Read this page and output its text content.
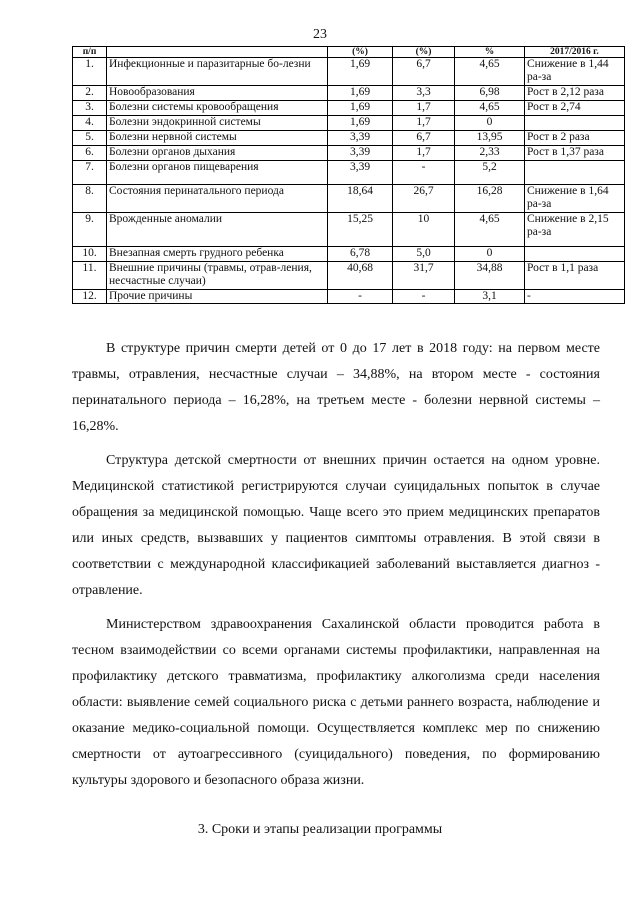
23
п/п		(%)	(%)	%	2017/2016 г.
1.	Инфекционные и паразитарные бо-лезни	1,69	6,7	4,65	Снижение в 1,44 ра-за
2.	Новообразования	1,69	3,3	6,98	Рост в 2,12 раза
3.	Болезни системы кровообращения	1,69	1,7	4,65	Рост в 2,74
4.	Болезни эндокринной системы	1,69	1,7	0	
5.	Болезни нервной системы	3,39	6,7	13,95	Рост в 2 раза
6.	Болезни органов дыхания	3,39	1,7	2,33	Рост в 1,37 раза
7.	Болезни органов пищеварения	3,39	-	5,2	
8.	Состояния перинатального периода	18,64	26,7	16,28	Снижение в 1,64 ра-за
9.	Врожденные аномалии	15,25	10	4,65	Снижение в 2,15 ра-за
10.	Внезапная смерть грудного ребенка	6,78	5,0	0	
11.	Внешние причины (травмы, отрав-ления, несчастные случаи)	40,68	31,7	34,88	Рост в 1,1 раза
12.	Прочие причины	-	-	3,1	-

В структуре причин смерти детей от 0 до 17 лет в 2018 году: на первом месте травмы, отравления, несчастные случаи – 34,88%, на втором месте - состояния перинатального периода – 16,28%, на третьем месте - болезни нервной системы – 16,28%.

Структура детской смертности от внешних причин остается на одном уровне. Медицинской статистикой регистрируются случаи суицидальных попыток в случае обращения за медицинской помощью. Чаще всего это прием медицинских препаратов или иных средств, вызвавших у пациентов симптомы отравления. В этой связи в соответствии с международной классификацией заболеваний выставляется диагноз - отравление.

Министерством здравоохранения Сахалинской области проводится работа в тесном взаимодействии со всеми органами системы профилактики, направленная на профилактику детского травматизма, профилактику алкоголизма среди населения области: выявление семей социального риска с детьми раннего возраста, наблюдение и оказание медико-социальной помощи. Осуществляется комплекс мер по снижению смертности от аутоагрессивного (суицидального) поведения, по формированию культуры здорового и безопасного образа жизни.

3. Сроки и этапы реализации программы
